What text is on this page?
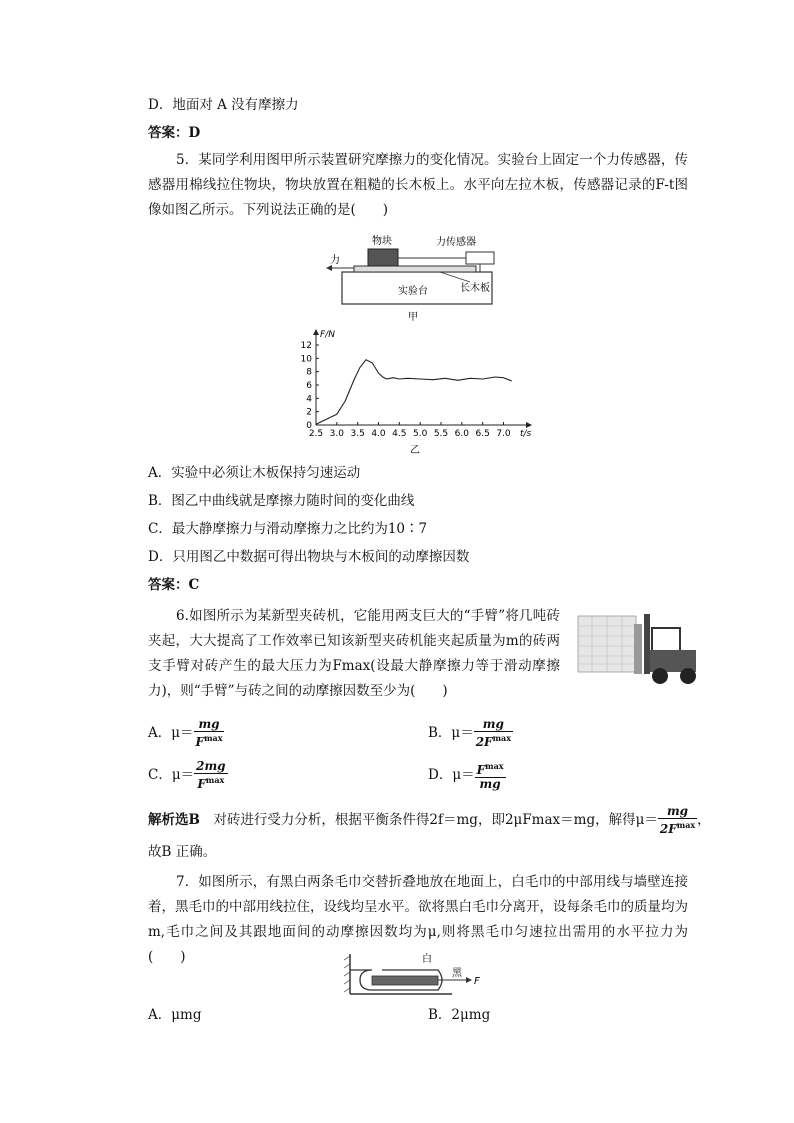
D．地面对 A 没有摩擦力
答案：D
5．某同学利用图甲所示装置研究摩擦力的变化情况。实验台上固定一个力传感器，传感器用棉线拉住物块，物块放置在粗糙的长木板上。水平向左拉木板，传感器记录的F-t图像如图乙所示。下列说法正确的是(　　)
物块	力传感器
力
实验台	长木板
甲
0
2
4
6
8
10
12
2.5 3.0 3.5 4.0 4.5 5.0 5.5 6.0 6.5 7.0
F/N
t/s
乙
A．实验中必须让木板保持匀速运动
B．图乙中曲线就是摩擦力随时间的变化曲线
C．最大静摩擦力与滑动摩擦力之比约为10∶7
D．只用图乙中数据可得出物块与木板间的动摩擦因数
答案：C
6.如图所示为某新型夹砖机，它能用两支巨大的“手臂”将几吨砖夹起，大大提高了工作效率已知该新型夹砖机能夹起质量为m的砖两支手臂对砖产生的最大压力为Fmax(设最大静摩擦力等于滑动摩擦力)，则“手臂”与砖之间的动摩擦因数至少为(　　)
A．$\mu= \frac{mg}{F^{max}}$	B．$\mu= \frac{mg}{2F^{max}}$
C．$\mu= \frac{2mg}{F^{max}}$	D．$\mu= \frac{F^{max}}{mg}$
解析选B　 对砖进行受力分析，根据平衡条件得2f＝mg，即2μFmax＝mg，解得$\mu= \frac{mg}{2F^{max}}$ ，
故B 正确。
7．如图所示，有黑白两条毛巾交替折叠地放在地面上，白毛巾的中部用线与墙壁连接着，黑毛巾的中部用线拉住，设线均呈水平。欲将黑白毛巾分离开，设每条毛巾的质量均为m,毛巾之间及其跟地面间的动摩擦因数均为μ,则将黑毛巾匀速拉出需用的水平拉力为(　　)	白
黑
F
A．μmg	B．2μmg
